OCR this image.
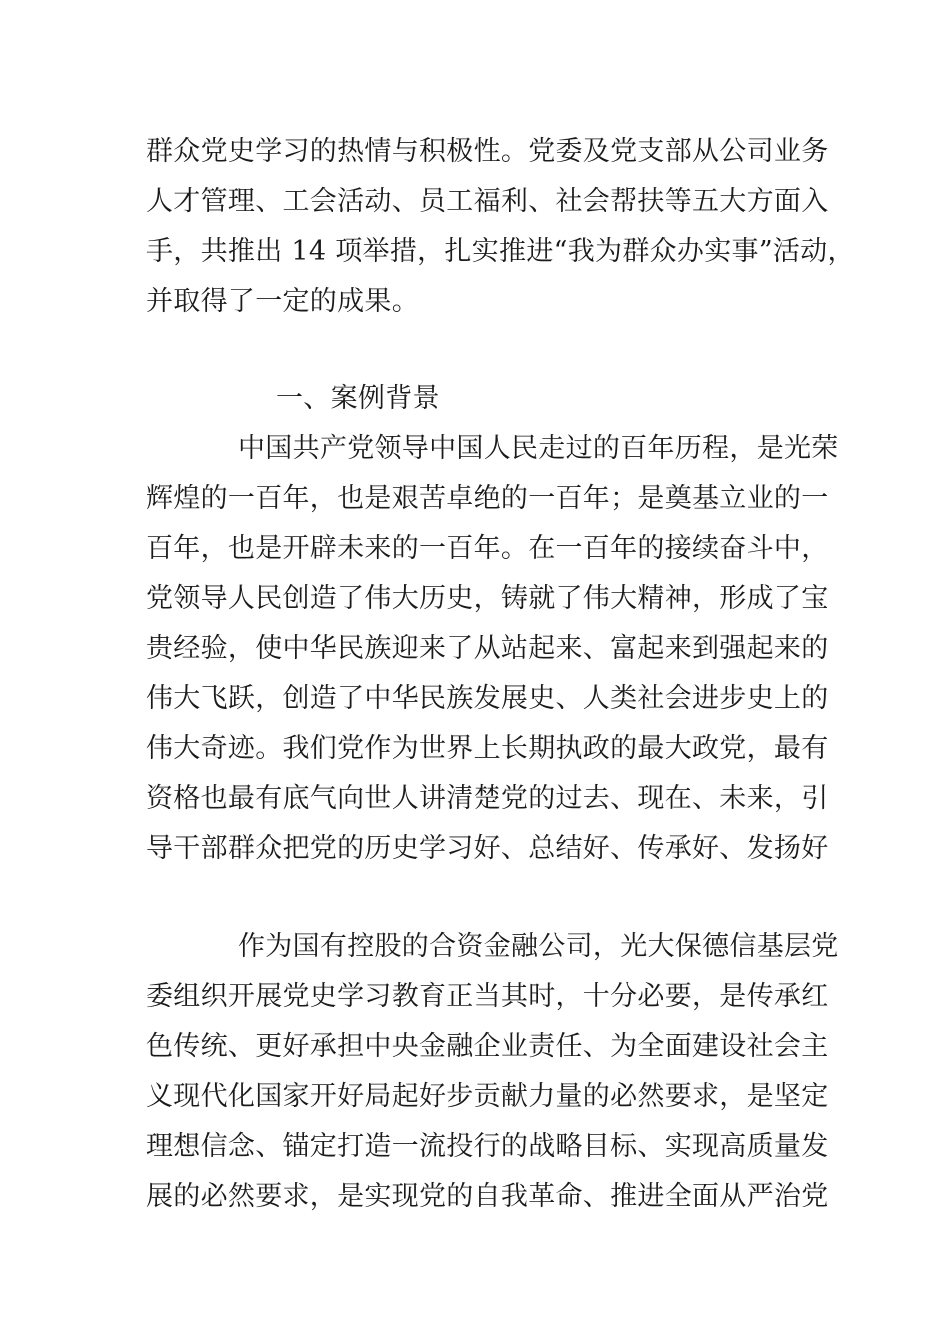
群众党史学习的热情与积极性。党委及党支部从公司业务
人才管理、工会活动、员工福利、社会帮扶等五大方面入
手，共推出 14 项举措，扎实推进“我为群众办实事”活动，
并取得了一定的成果。
一、案例背景
中国共产党领导中国人民走过的百年历程，是光荣
辉煌的一百年，也是艰苦卓绝的一百年；是奠基立业的一
百年，也是开辟未来的一百年。在一百年的接续奋斗中，
党领导人民创造了伟大历史，铸就了伟大精神，形成了宝
贵经验，使中华民族迎来了从站起来、富起来到强起来的
伟大飞跃，创造了中华民族发展史、人类社会进步史上的
伟大奇迹。我们党作为世界上长期执政的最大政党，最有
资格也最有底气向世人讲清楚党的过去、现在、未来，引
导干部群众把党的历史学习好、总结好、传承好、发扬好
作为国有控股的合资金融公司，光大保德信基层党
委组织开展党史学习教育正当其时，十分必要，是传承红
色传统、更好承担中央金融企业责任、为全面建设社会主
义现代化国家开好局起好步贡献力量的必然要求，是坚定
理想信念、锚定打造一流投行的战略目标、实现高质量发
展的必然要求，是实现党的自我革命、推进全面从严治党
